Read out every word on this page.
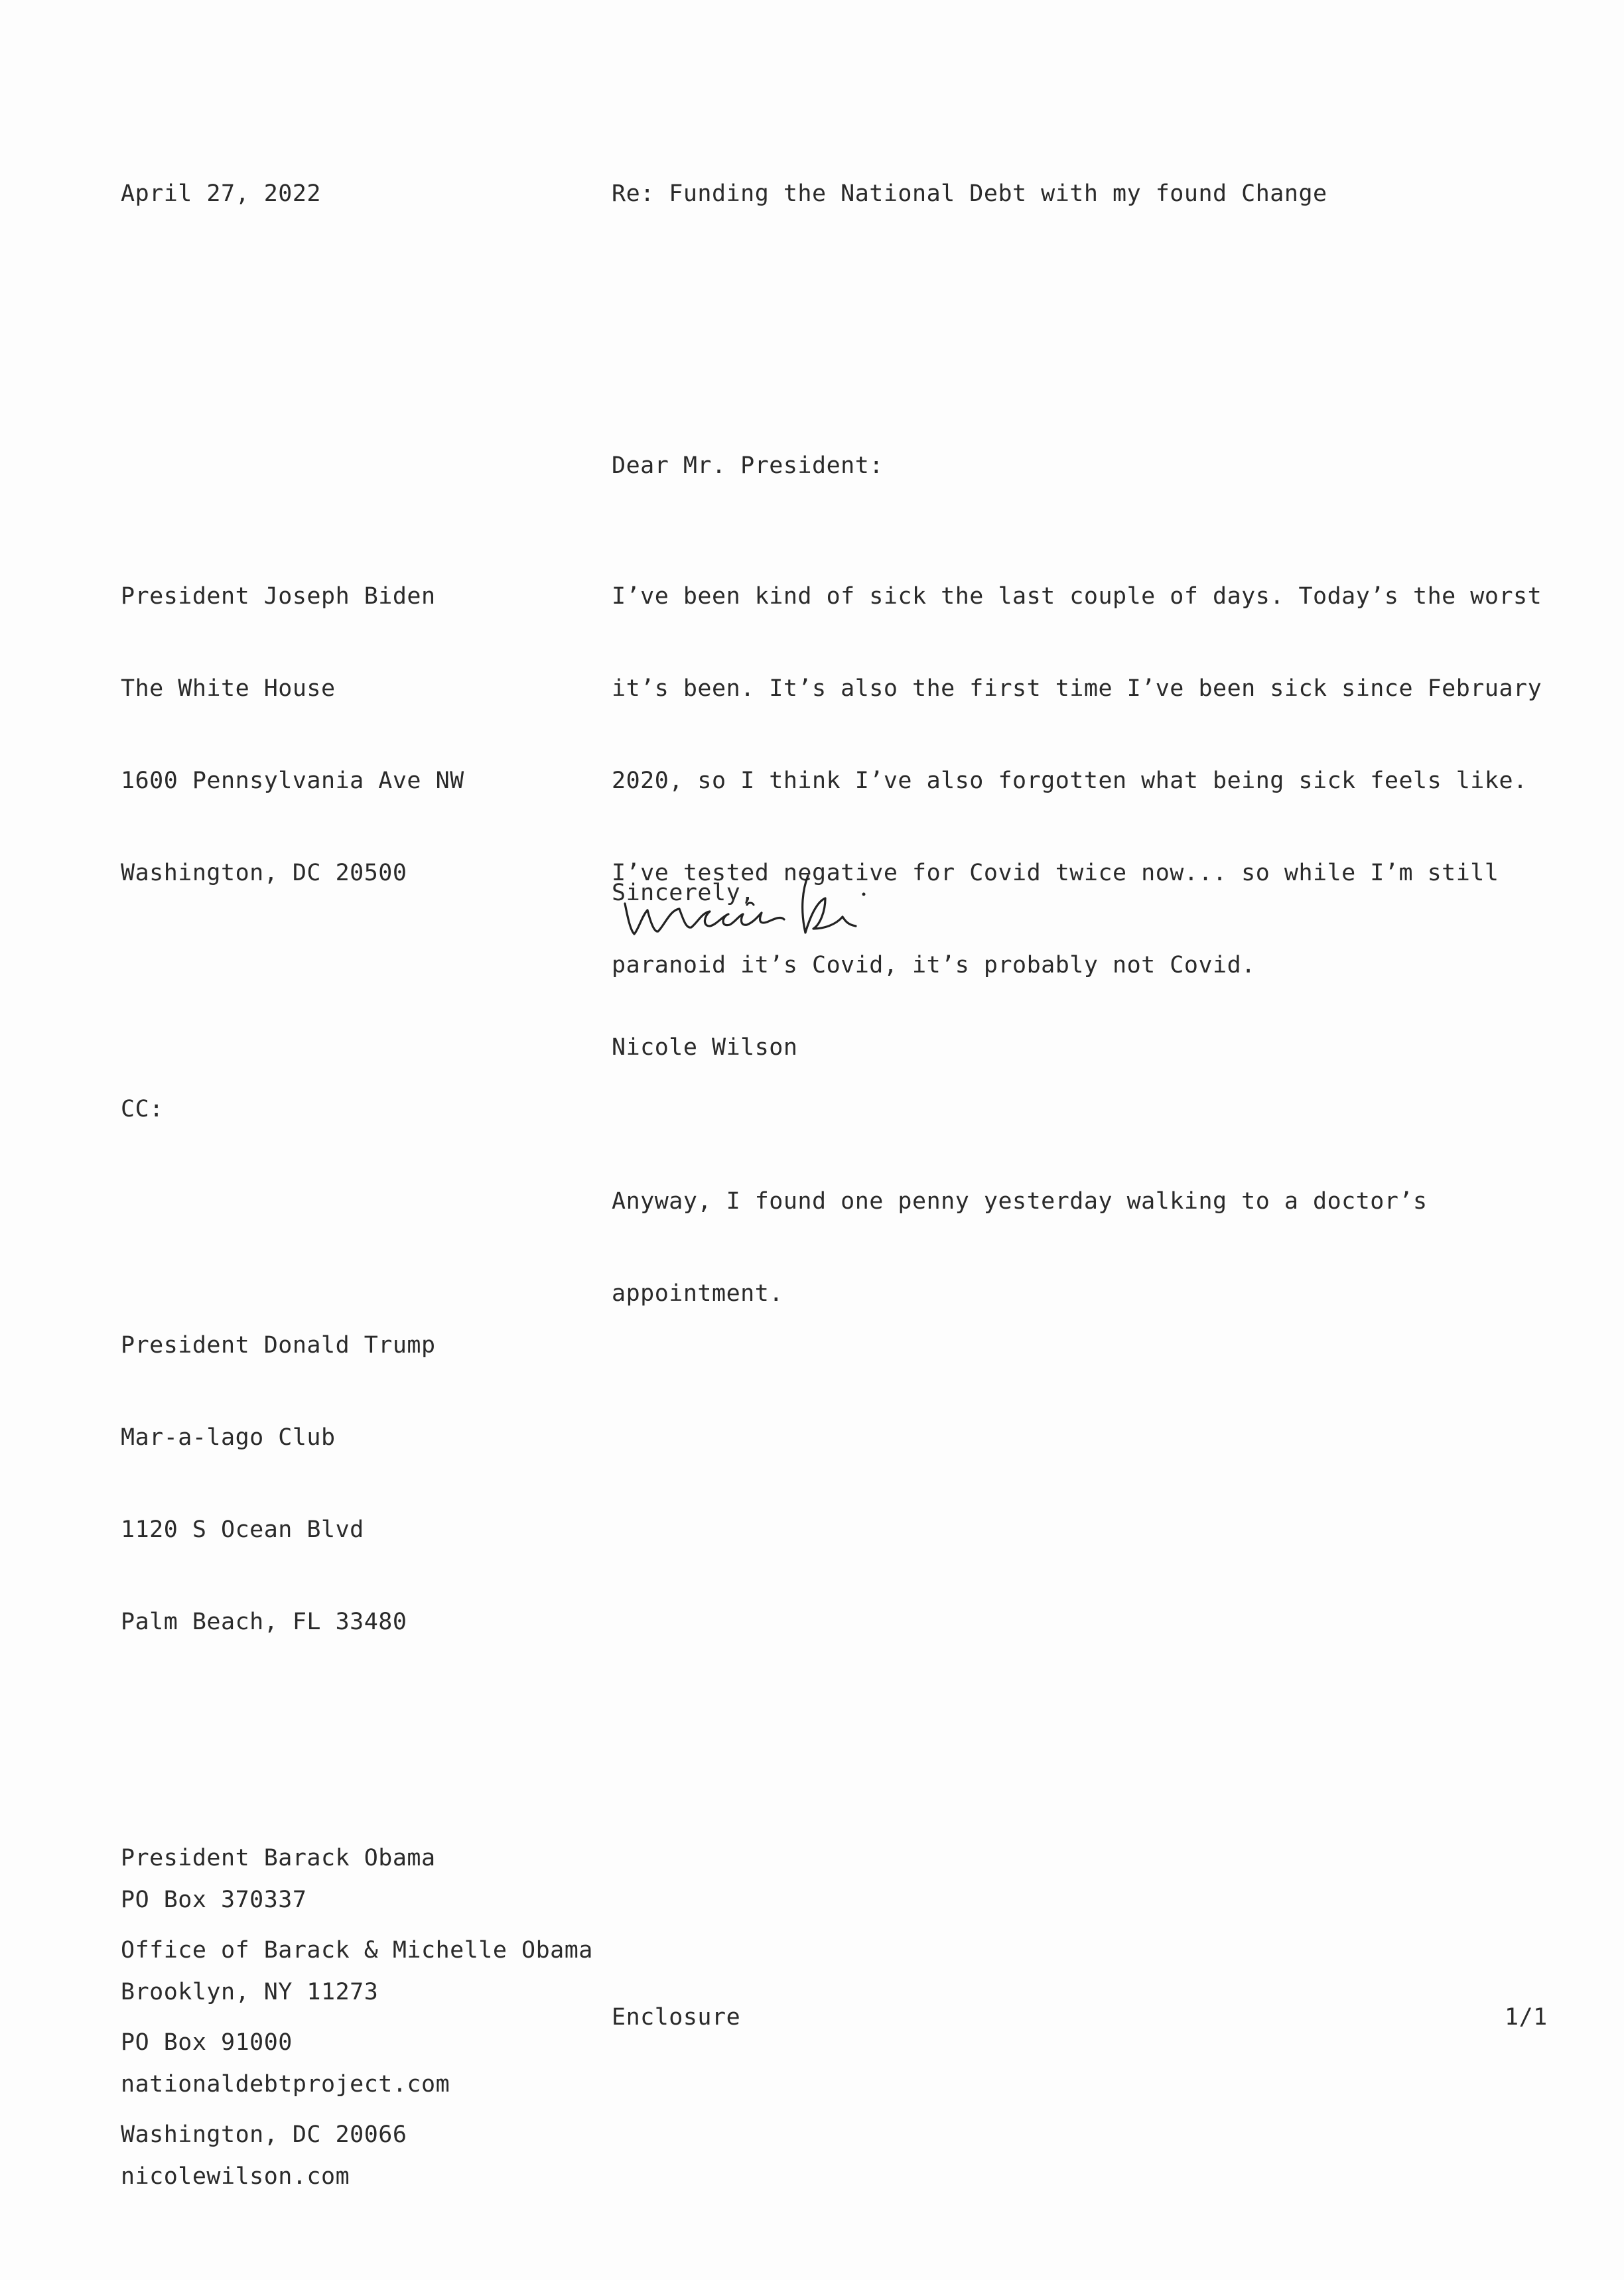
April 27, 2022

	Re: Funding the National Debt with my found Change

Dear Mr. President:

President Joseph Biden

The White House

1600 Pennsylvania Ave NW

Washington, DC 20500

CC:

President Donald Trump

Mar-a-lago Club

1120 S Ocean Blvd

Palm Beach, FL 33480

President Barack Obama

Office of Barack & Michelle Obama

PO Box 91000

Washington, DC 20066

I’ve been kind of sick the last couple of days. Today’s the worst

it’s been. It’s also the first time I’ve been sick since February

2020, so I think I’ve also forgotten what being sick feels like.

I’ve tested negative for Covid twice now... so while I’m still

paranoid it’s Covid, it’s probably not Covid.

Anyway, I found one penny yesterday walking to a doctor’s

appointment.

Sincerely,

Nicole Wilson

PO Box 370337

Brooklyn, NY 11273

nationaldebtproject.com

nicolewilson.com

Enclosure

	1/1
